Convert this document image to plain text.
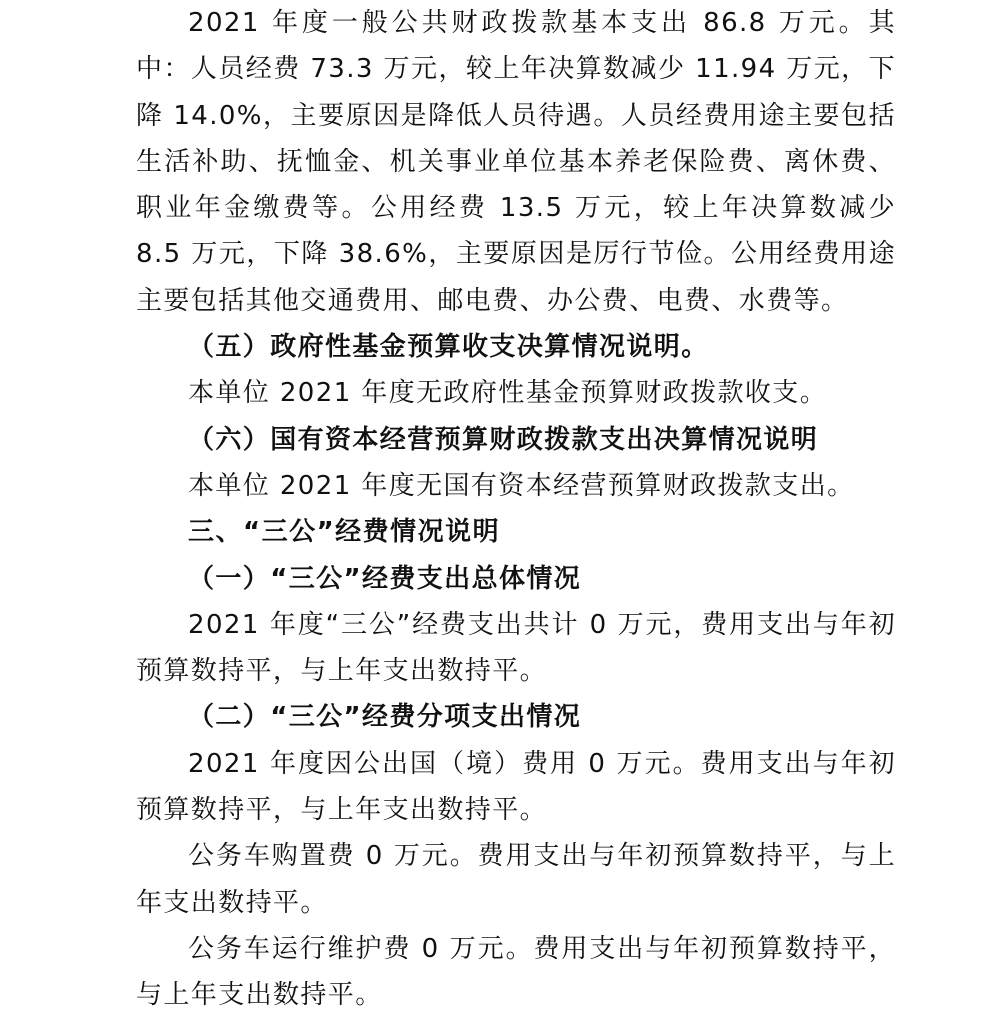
2021 年度一般公共财政拨款基本支出 86.8 万元。其中：人员经费 73.3 万元，较上年决算数减少 11.94 万元，下降 14.0%，主要原因是降低人员待遇。人员经费用途主要包括生活补助、抚恤金、机关事业单位基本养老保险费、离休费、职业年金缴费等。公用经费 13.5 万元，较上年决算数减少 8.5 万元，下降 38.6%，主要原因是厉行节俭。公用经费用途主要包括其他交通费用、邮电费、办公费、电费、水费等。

（五）政府性基金预算收支决算情况说明。

本单位 2021 年度无政府性基金预算财政拨款收支。

（六）国有资本经营预算财政拨款支出决算情况说明

本单位 2021 年度无国有资本经营预算财政拨款支出。

三、“三公”经费情况说明

（一）“三公”经费支出总体情况

2021 年度“三公”经费支出共计 0 万元，费用支出与年初预算数持平，与上年支出数持平。

（二）“三公”经费分项支出情况

2021 年度因公出国（境）费用 0 万元。费用支出与年初预算数持平，与上年支出数持平。

公务车购置费 0 万元。费用支出与年初预算数持平，与上年支出数持平。

公务车运行维护费 0 万元。费用支出与年初预算数持平，与上年支出数持平。
